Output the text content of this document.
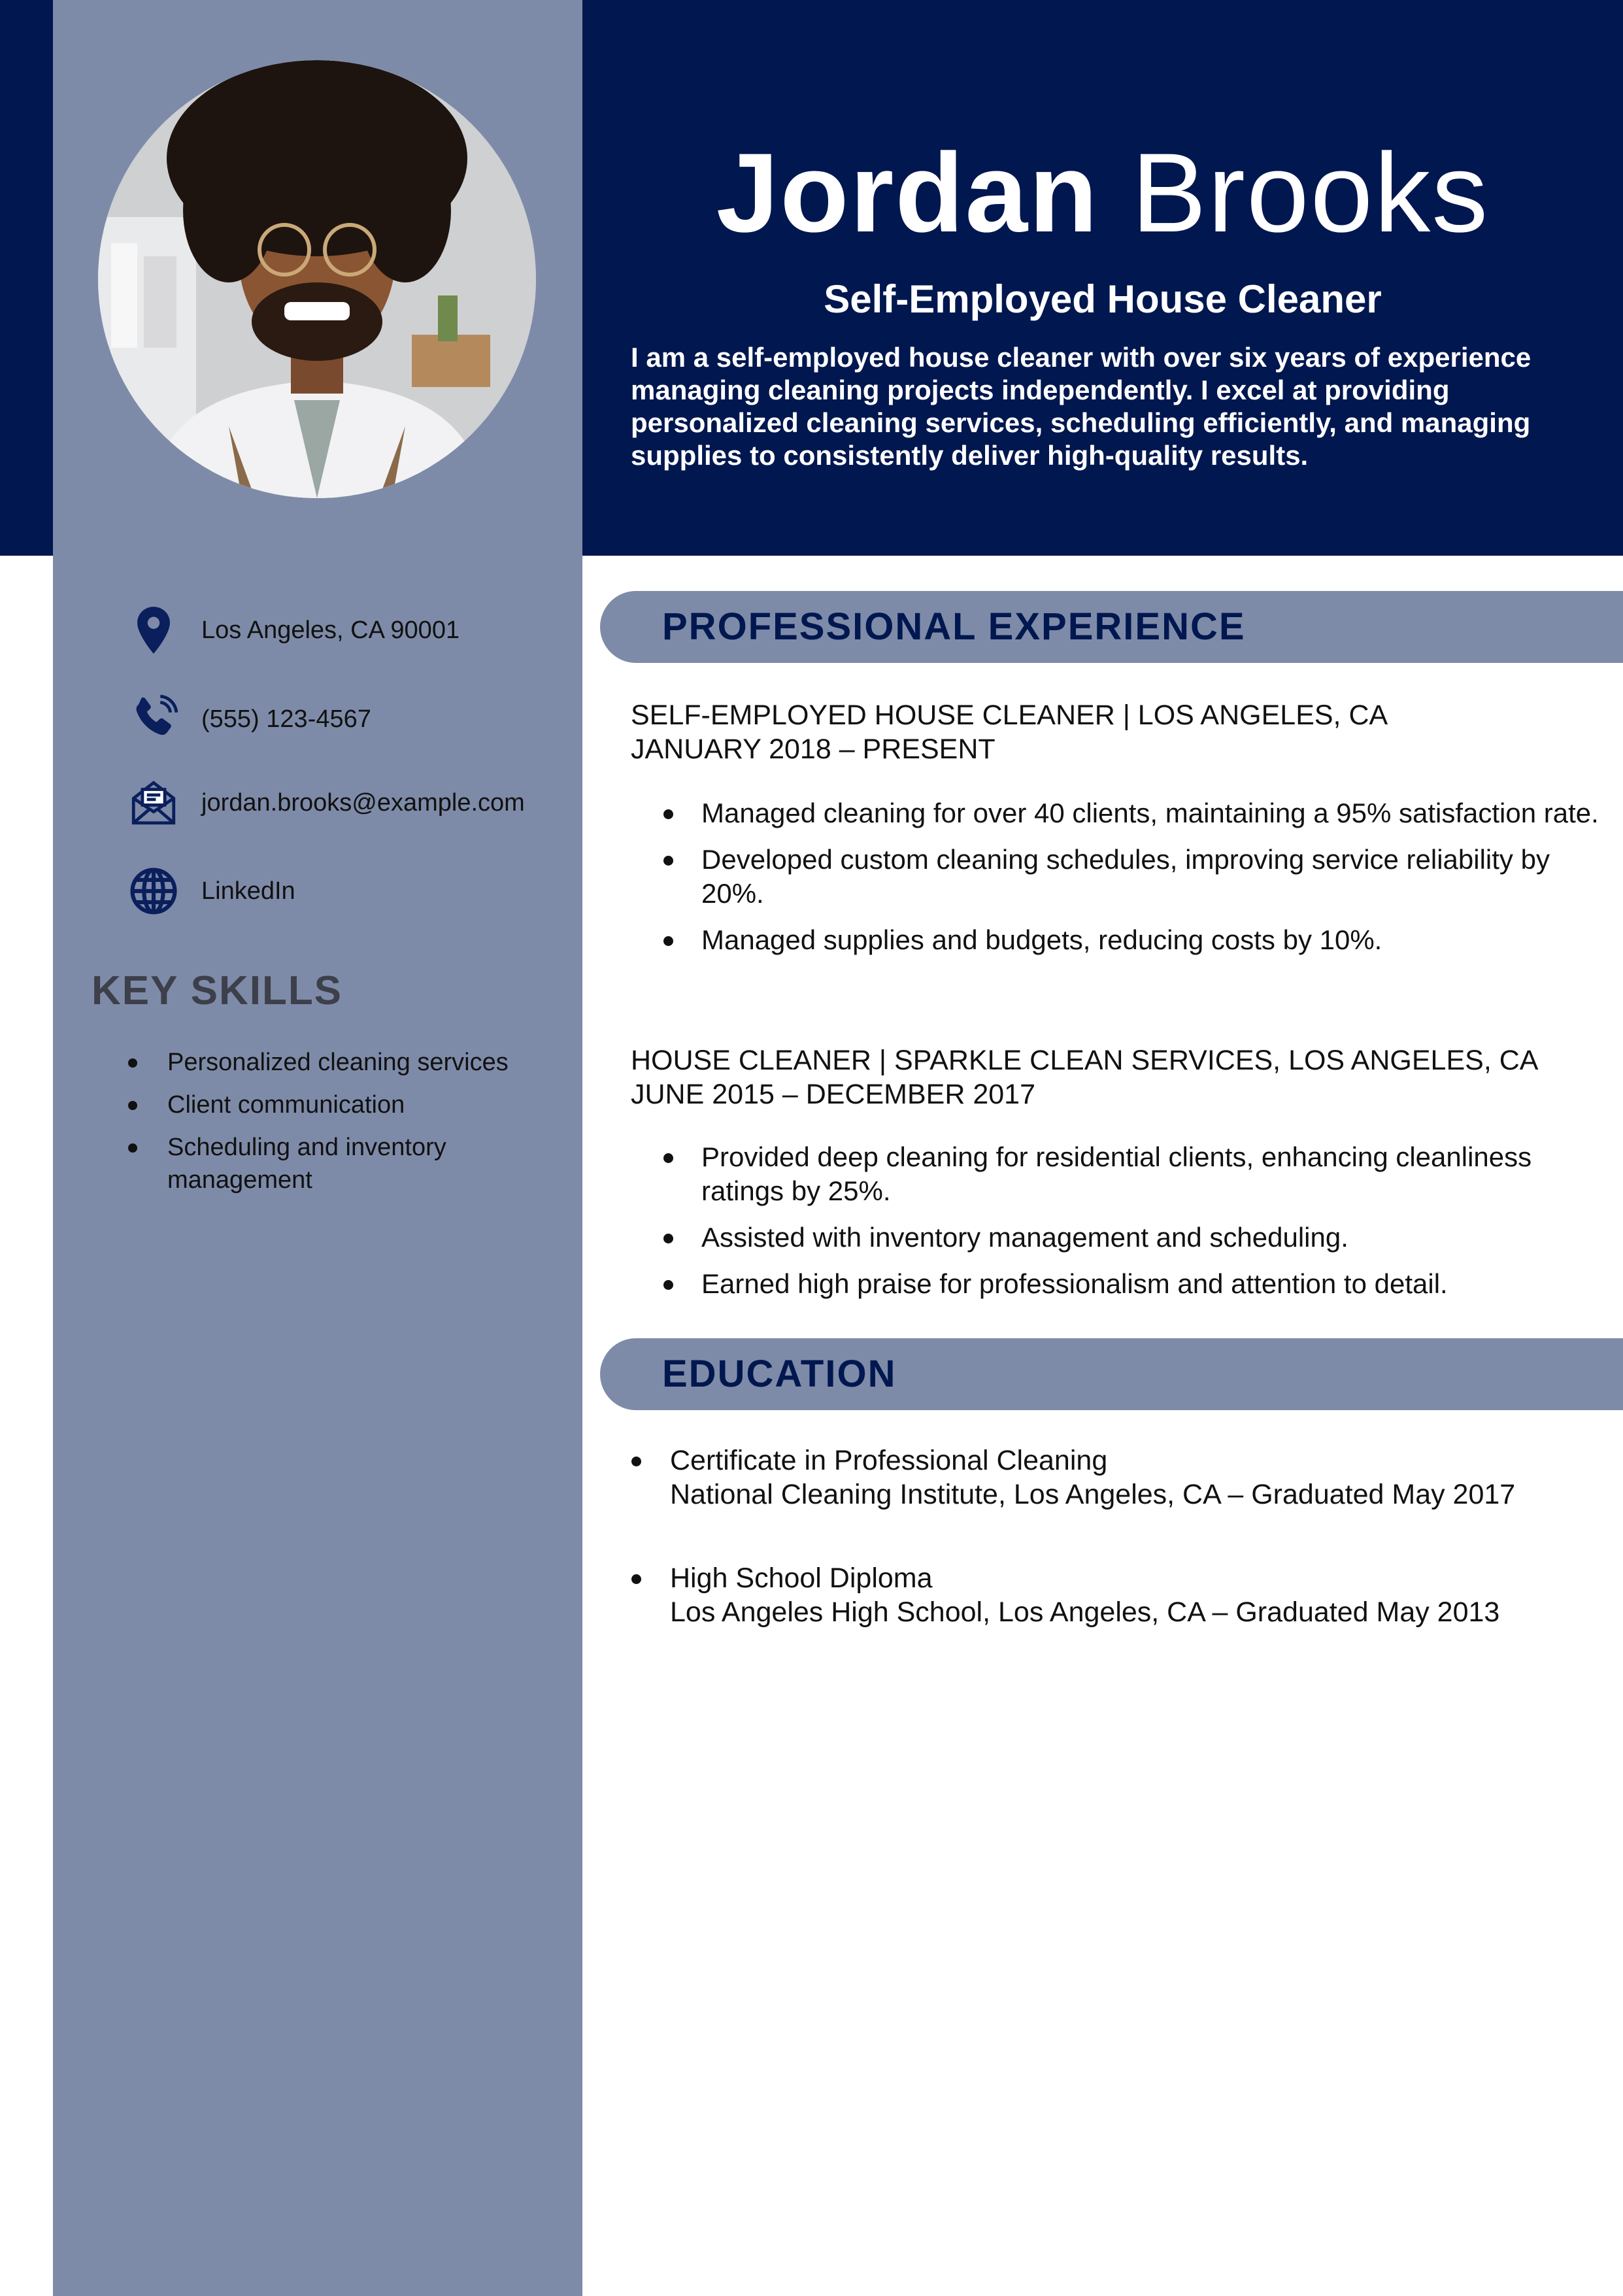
Jordan Brooks
Self-Employed House Cleaner
I am a self-employed house cleaner with over six years of experience managing cleaning projects independently. I excel at providing personalized cleaning services, scheduling efficiently, and managing supplies to consistently deliver high-quality results.
Los Angeles, CA 90001
(555) 123-4567
jordan.brooks@example.com
LinkedIn
KEY SKILLS
Personalized cleaning services
Client communication
Scheduling and inventory management
PROFESSIONAL EXPERIENCE
SELF-EMPLOYED HOUSE CLEANER | LOS ANGELES, CA
JANUARY 2018 – PRESENT
Managed cleaning for over 40 clients, maintaining a 95% satisfaction rate.
Developed custom cleaning schedules, improving service reliability by 20%.
Managed supplies and budgets, reducing costs by 10%.
HOUSE CLEANER | SPARKLE CLEAN SERVICES, LOS ANGELES, CA
JUNE 2015 – DECEMBER 2017
Provided deep cleaning for residential clients, enhancing cleanliness ratings by 25%.
Assisted with inventory management and scheduling.
Earned high praise for professionalism and attention to detail.
EDUCATION
Certificate in Professional Cleaning
National Cleaning Institute, Los Angeles, CA – Graduated May 2017
High School Diploma
Los Angeles High School, Los Angeles, CA – Graduated May 2013
